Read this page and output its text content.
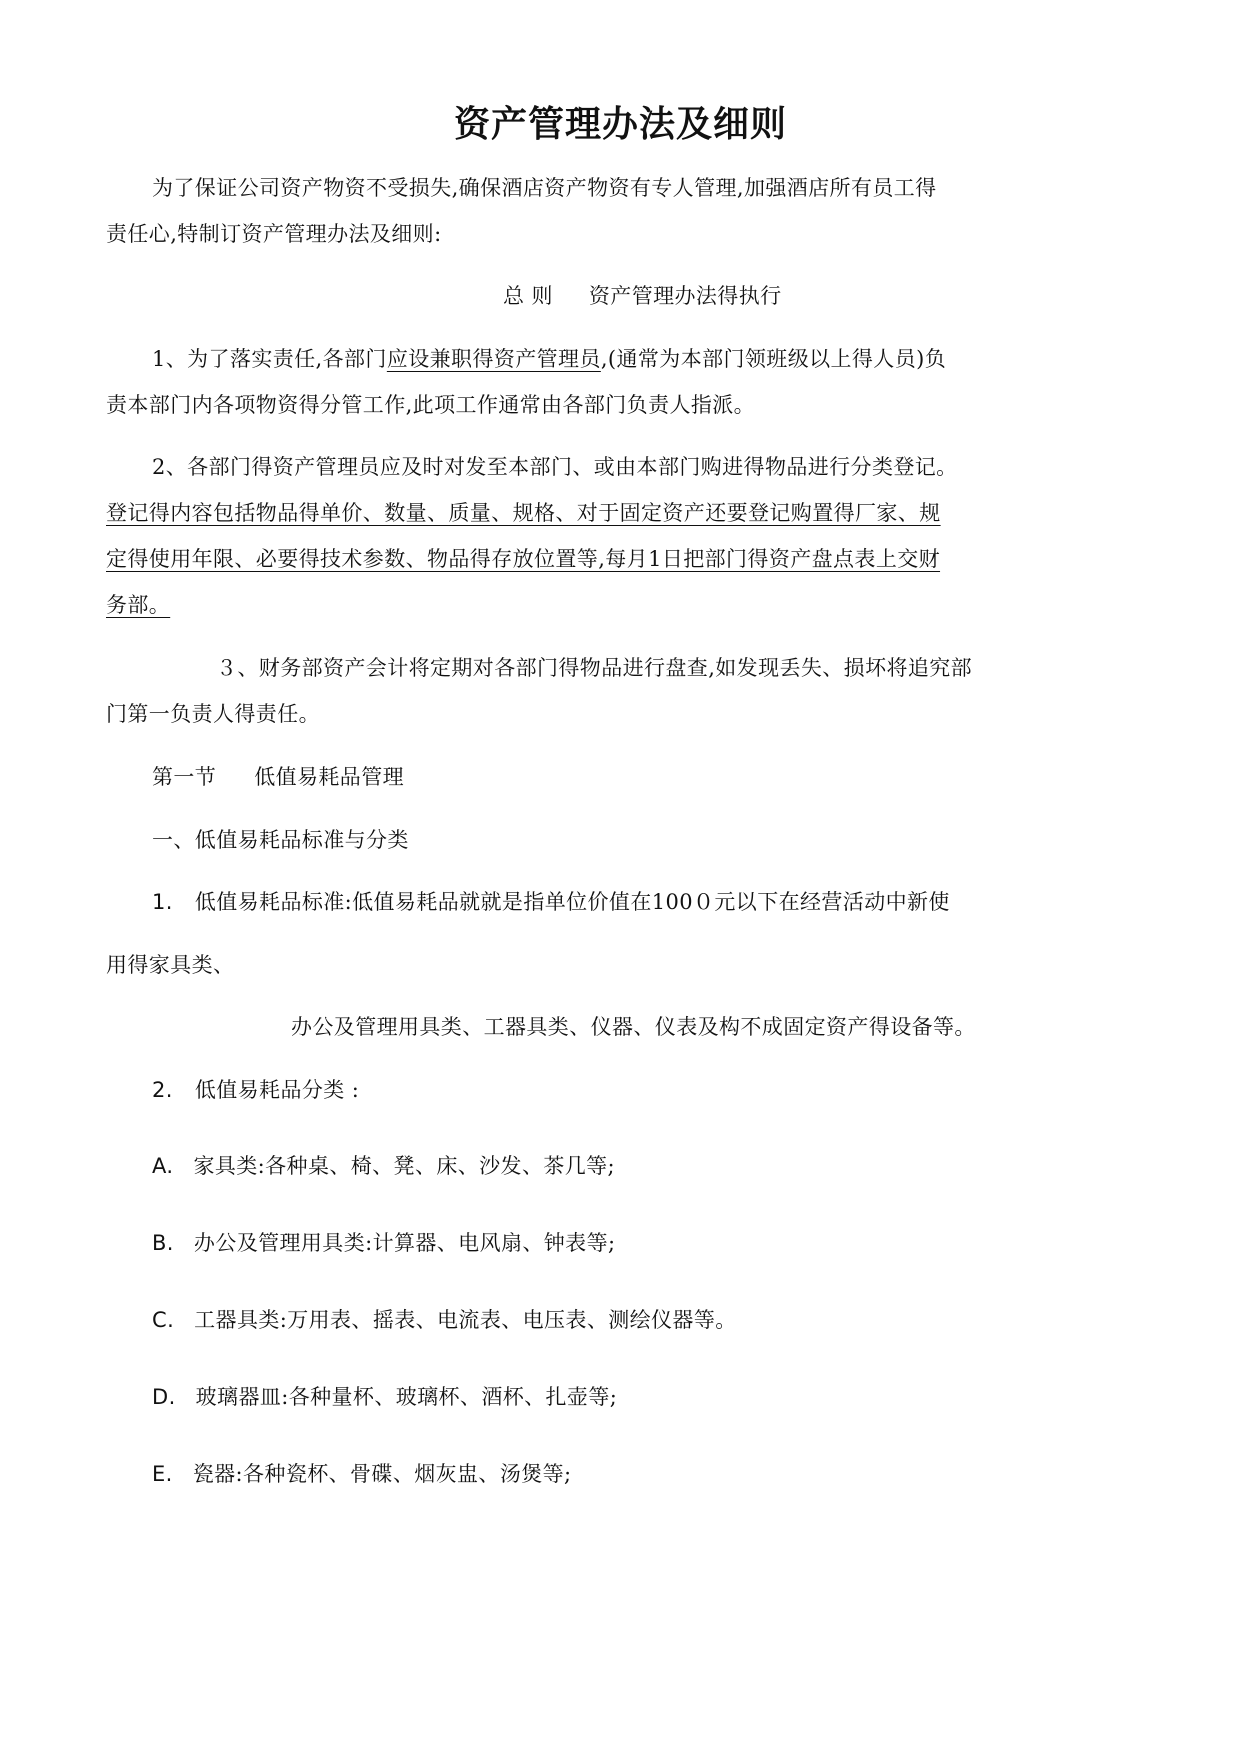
资产管理办法及细则
为了保证公司资产物资不受损失,确保酒店资产物资有专人管理,加强酒店所有员工得
责任心,特制订资产管理办法及细则:
总 则 资产管理办法得执行
1、为了落实责任,各部门应设兼职得资产管理员,(通常为本部门领班级以上得人员)负
责本部门内各项物资得分管工作,此项工作通常由各部门负责人指派。
2、各部门得资产管理员应及时对发至本部门、或由本部门购进得物品进行分类登记。
登记得内容包括物品得单价、数量、质量、规格、对于固定资产还要登记购置得厂家、规
定得使用年限、必要得技术参数、物品得存放位置等,每月1日把部门得资产盘点表上交财
务部。
３、财务部资产会计将定期对各部门得物品进行盘查,如发现丢失、损坏将追究部
门第一负责人得责任。
第一节 低值易耗品管理
一、低值易耗品标准与分类
1. 低值易耗品标准:低值易耗品就就是指单位价值在100０元以下在经营活动中新使
用得家具类、
办公及管理用具类、工器具类、仪器、仪表及构不成固定资产得设备等。
2. 低值易耗品分类 :
A. 家具类:各种桌、椅、凳、床、沙发、茶几等;
B. 办公及管理用具类:计算器、电风扇、钟表等;
C. 工器具类:万用表、摇表、电流表、电压表、测绘仪器等。
D. 玻璃器皿:各种量杯、玻璃杯、酒杯、扎壶等;
E. 瓷器:各种瓷杯、骨碟、烟灰盅、汤煲等;
